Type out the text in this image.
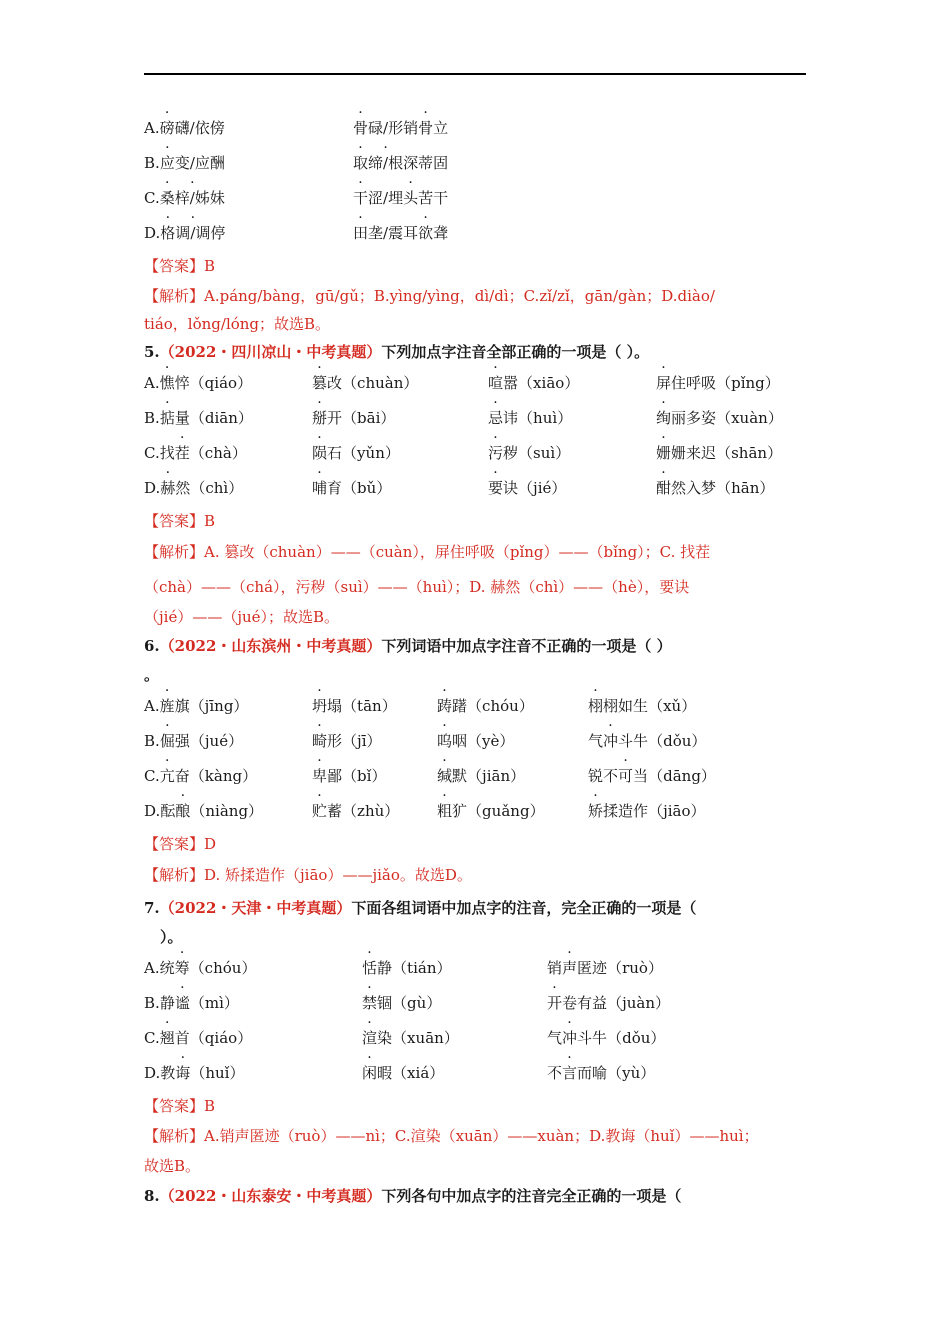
A.磅礴/依傍	骨碌/形销骨立
B.应变/应酬	取缔· /根深蒂固
C.桑梓· /姊妹	干涩/埋头苦干
D.格调· /调停	田垄/震耳欲聋
【答案】B
【解析】A.páng/bàng，gū/gǔ；B.yìng/yìng，dì/dì；C.zǐ/zǐ，gān/gàn；D.diào/
tiáo，lǒng/lóng；故选B。
5.（2022・四川凉山・中考真题）下列加点字注音全部正确的一项是（ ）。
A.憔悴（qiáo）	篡改（chuàn）	喧嚣（xiāo）	屏住呼吸（pǐng）
B.掂量（diān）	掰开（bāi）	忌讳（huì）	绚丽多姿（xuàn）
C.找茬（chà）	陨石（yǔn）	污秽（suì）	姗姗来迟（shān）
D.赫然（chì）	哺育（bǔ）	要诀（jié）	酣然入梦（hān）
【答案】B
【解析】A. 篡改（chuàn）——（cuàn），屏住呼吸（pǐng）——（bǐng）；C. 找茬
（chà）——（chá），污秽（suì）——（huì）；D. 赫然（chì）——（hè），要诀
（jié）——（jué）；故选B。
6.（2022・山东滨州・中考真题）下列词语中加点字注音不正确的一项是（ ）
。
A.旌旗（jīng）	坍塌（tān）	踌躇（chóu）	栩栩如生（xǔ）
B.倔强（jué）	畸形（jī）	呜咽（yè）	气冲斗牛（dǒu）
C.亢奋（kàng）	卑鄙（bǐ）	缄默（jiān）	锐不可当（dāng）
D.酝酿（niàng）	贮蓄（zhù）	粗犷（guǎng）	矫揉造作（jiāo）
【答案】D
【解析】D. 矫揉造作（jiāo）——jiǎo。故选D。
7.（2022・天津・中考真题）下面各组词语中加点字的注音，完全正确的一项是（
）。
A.统筹（chóu）	恬静（tián）	销声匿迹（ruò）
B.静谧（mì）	禁锢（gù）	开卷有益（juàn）
C.翘首（qiáo）	渲染（xuān）	气冲斗牛（dǒu）
D.教诲（huǐ）	闲暇（xiá）	不言而喻（yù）
【答案】B
【解析】A.销声匿迹（ruò）——nì；C.渲染（xuān）——xuàn；D.教诲（huǐ）——huì；
故选B。
8.（2022・山东泰安・中考真题）下列各句中加点字的注音完全正确的一项是（
